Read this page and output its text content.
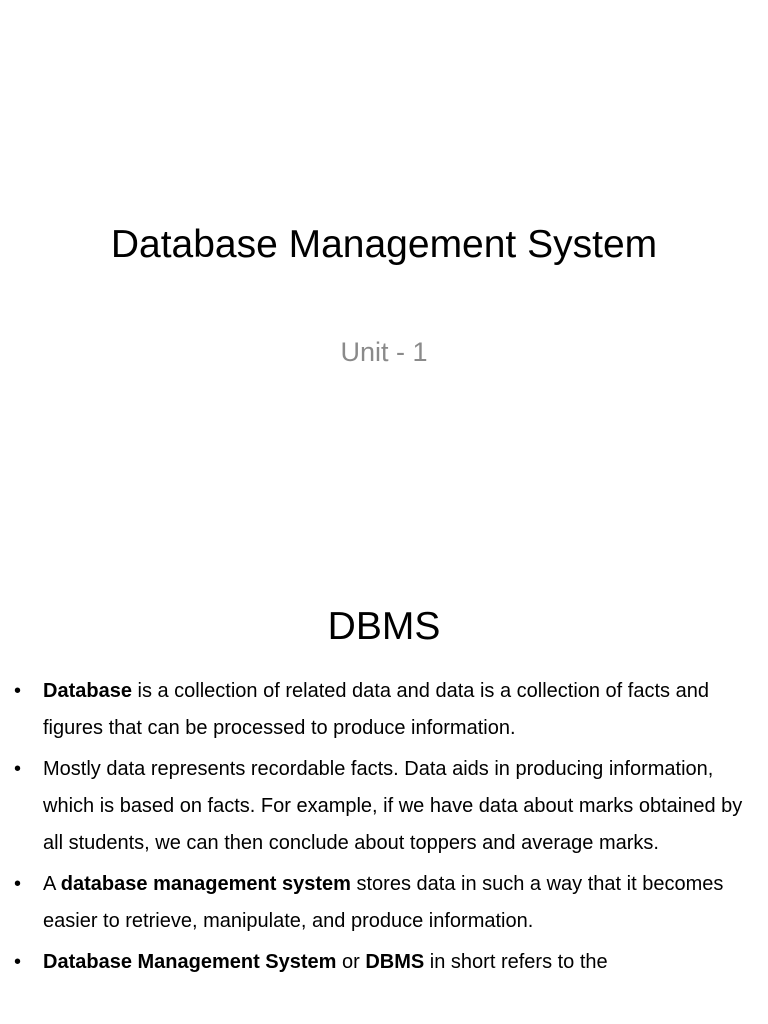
Database Management System
Unit - 1
DBMS
• Database is a collection of related data and data is a collection of facts and figures that can be processed to produce information.
• Mostly data represents recordable facts. Data aids in producing information, which is based on facts. For example, if we have data about marks obtained by all students, we can then conclude about toppers and average marks.
• A database management system stores data in such a way that it becomes easier to retrieve, manipulate, and produce information.
• Database Management System or DBMS in short refers to the
